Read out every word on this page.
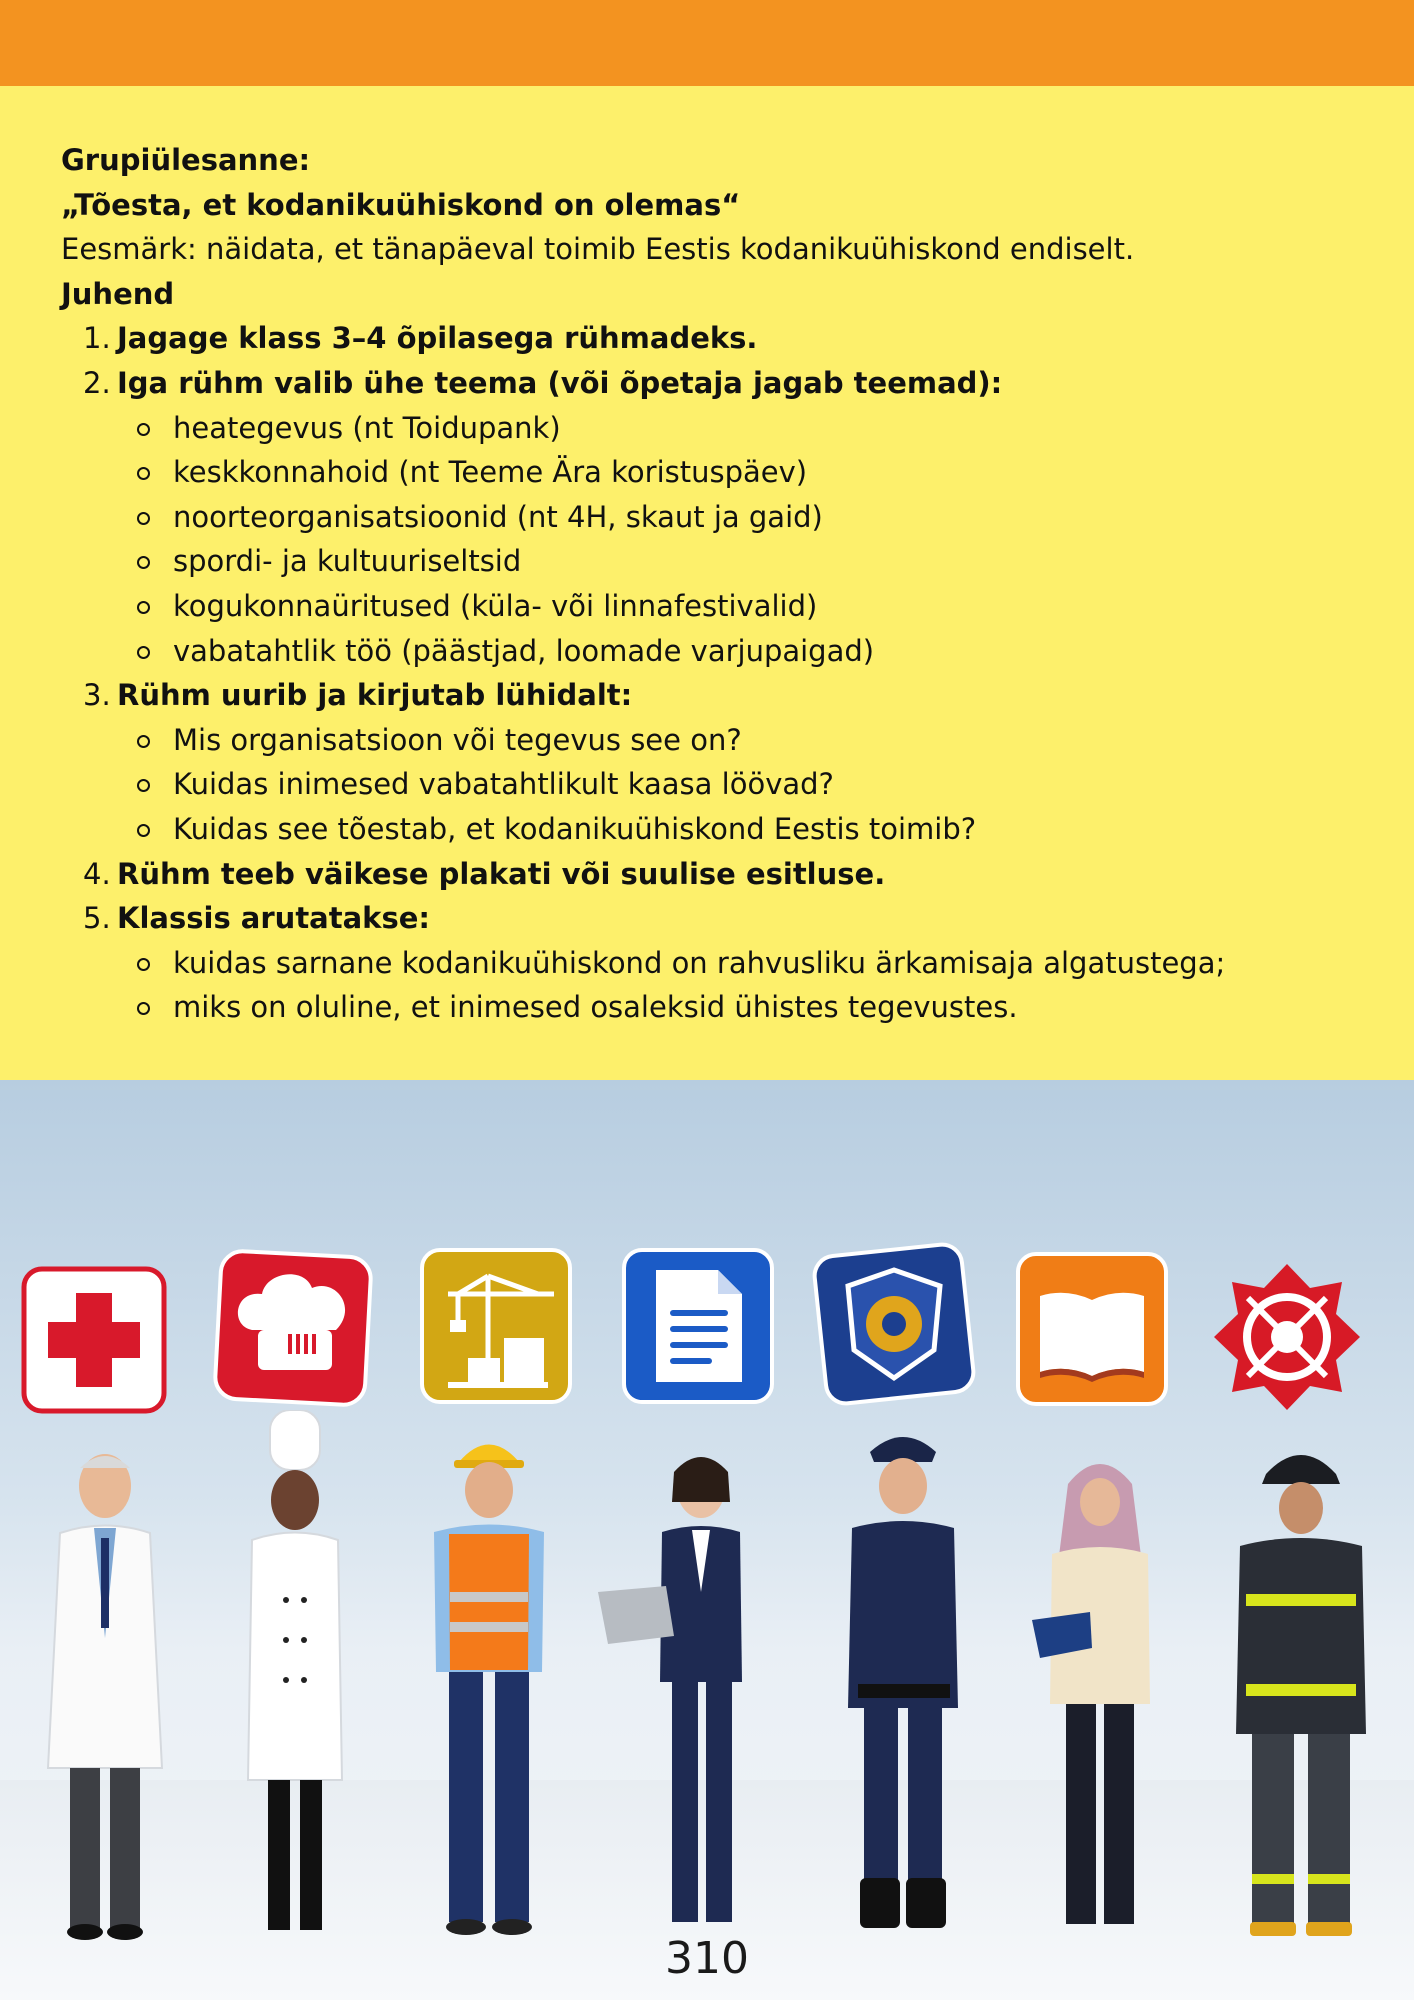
Grupiülesanne:

„Tõesta, et kodanikuühiskond on olemas“

Eesmärk: näidata, et tänapäeval toimib Eestis kodanikuühiskond endiselt.

Juhend

1. Jagage klass 3–4 õpilasega rühmadeks.
2. Iga rühm valib ühe teema (või õpetaja jagab teemad):
heategevus (nt Toidupank)
keskkonnahoid (nt Teeme Ära koristuspäev)
noorteorganisatsioonid (nt 4H, skaut ja gaid)
spordi- ja kultuuriseltsid
kogukonnaüritused (küla- või linnafestivalid)
vabatahtlik töö (päästjad, loomade varjupaigad)
3. Rühm uurib ja kirjutab lühidalt:
Mis organisatsioon või tegevus see on?
Kuidas inimesed vabatahtlikult kaasa löövad?
Kuidas see tõestab, et kodanikuühiskond Eestis toimib?
4. Rühm teeb väikese plakati või suulise esitluse.
5. Klassis arutatakse:
kuidas sarnane kodanikuühiskond on rahvusliku ärkamisaja algatustega;
miks on oluline, et inimesed osaleksid ühistes tegevustes.
310
